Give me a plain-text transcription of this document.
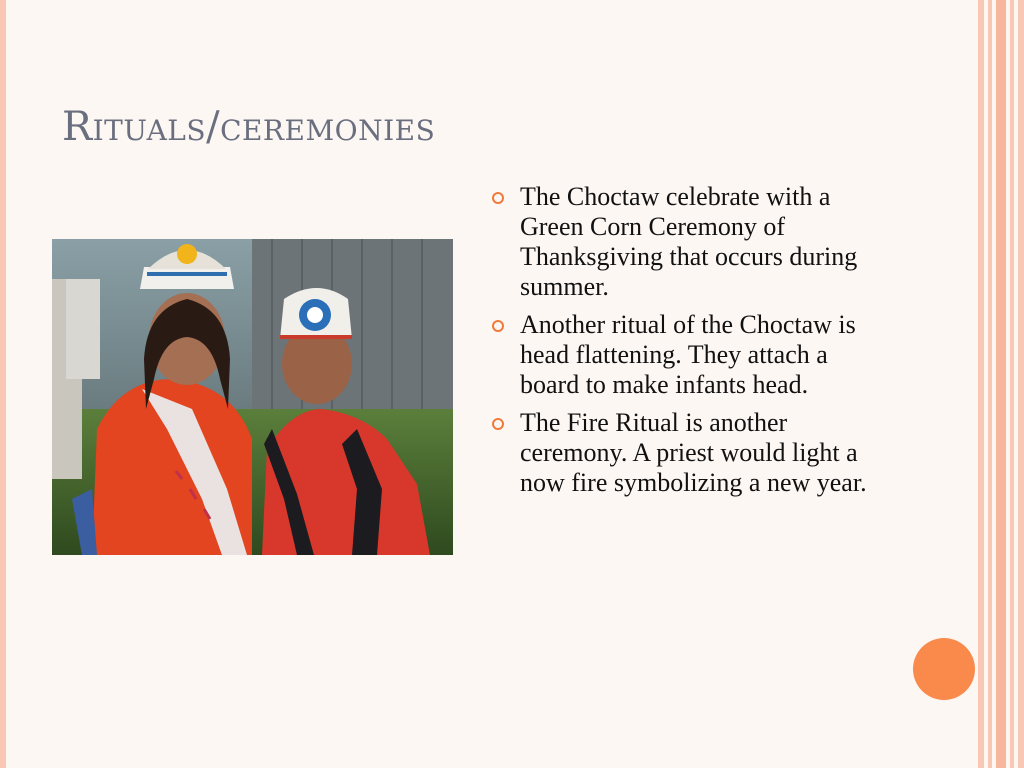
Rituals/ceremonies
The Choctaw celebrate with a Green Corn Ceremony of Thanksgiving that occurs during summer.
Another ritual of the Choctaw is head flattening. They attach a board to make infants head.
The Fire Ritual is another ceremony. A priest would light a now fire symbolizing a new year.
